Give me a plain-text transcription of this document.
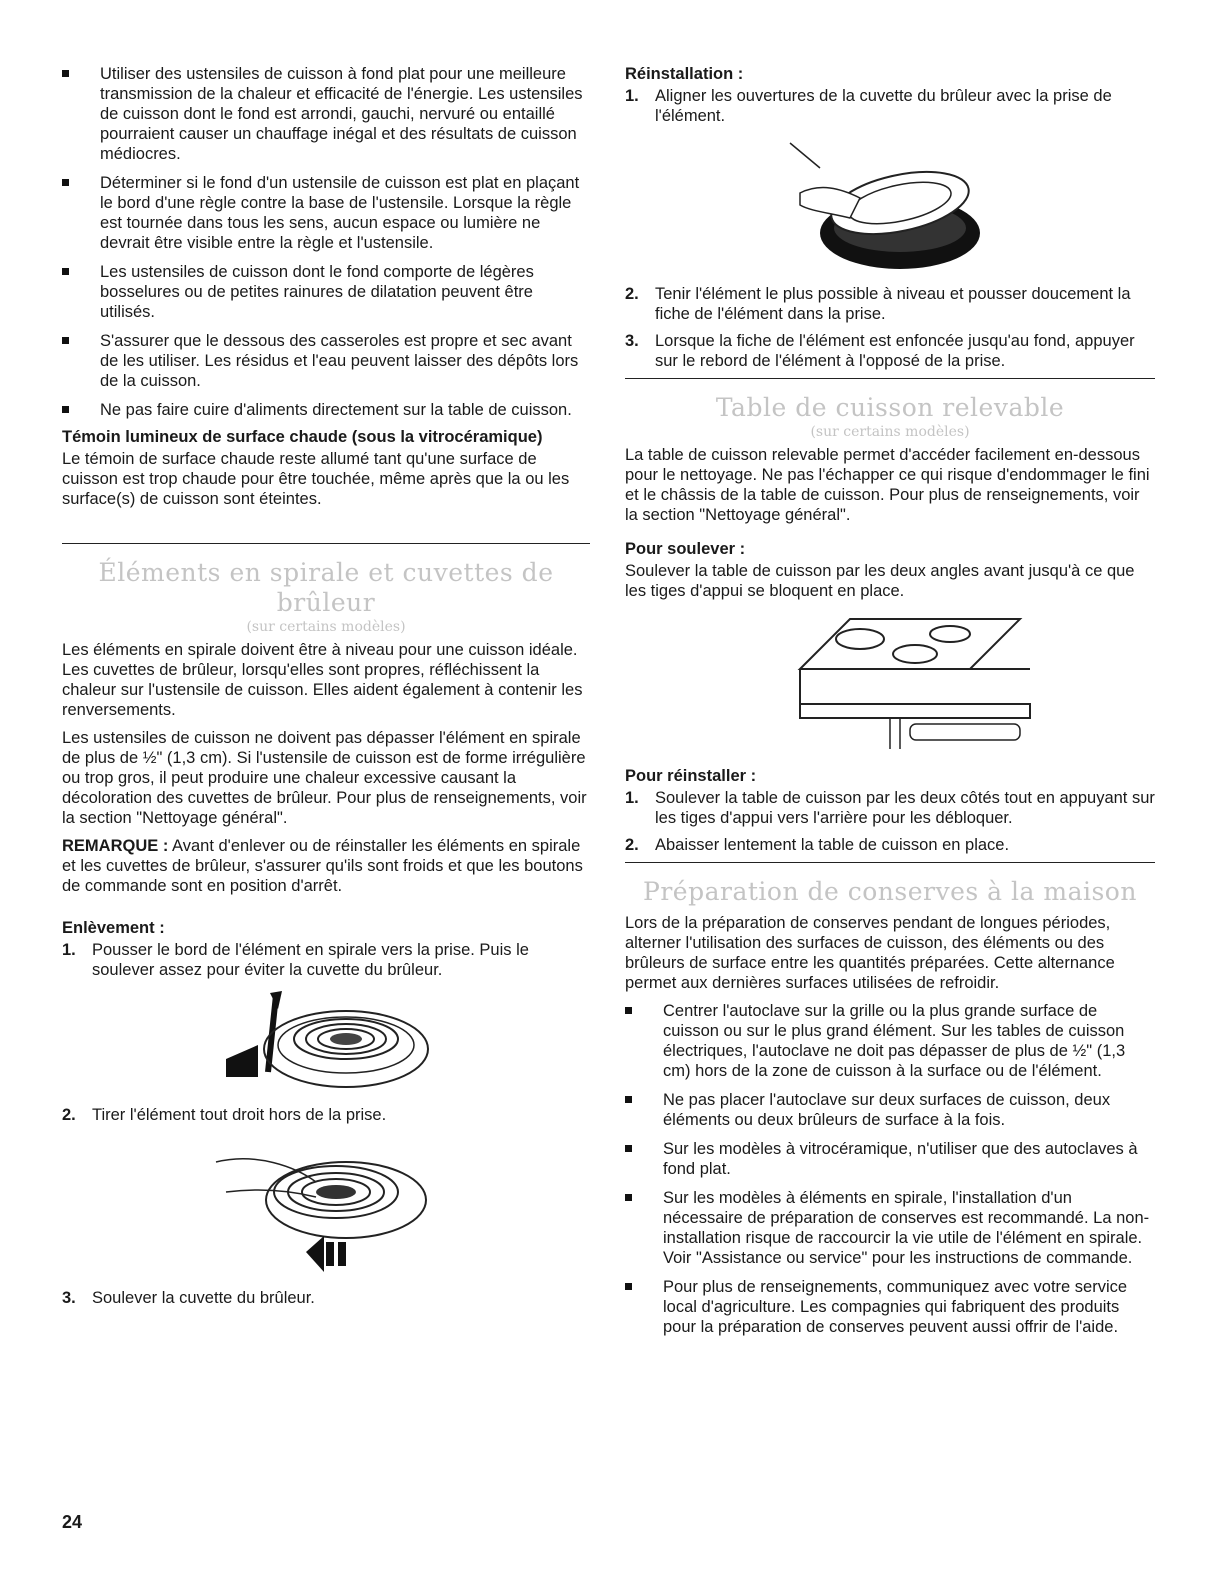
Utiliser des ustensiles de cuisson à fond plat pour une meilleure transmission de la chaleur et efficacité de l'énergie. Les ustensiles de cuisson dont le fond est arrondi, gauchi, nervuré ou entaillé pourraient causer un chauffage inégal et des résultats de cuisson médiocres.
Déterminer si le fond d'un ustensile de cuisson est plat en plaçant le bord d'une règle contre la base de l'ustensile. Lorsque la règle est tournée dans tous les sens, aucun espace ou lumière ne devrait être visible entre la règle et l'ustensile.
Les ustensiles de cuisson dont le fond comporte de légères bosselures ou de petites rainures de dilatation peuvent être utilisés.
S'assurer que le dessous des casseroles est propre et sec avant de les utiliser. Les résidus et l'eau peuvent laisser des dépôts lors de la cuisson.
Ne pas faire cuire d'aliments directement sur la table de cuisson.
Témoin lumineux de surface chaude (sous la vitrocéramique)

Le témoin de surface chaude reste allumé tant qu'une surface de cuisson est trop chaude pour être touchée, même après que la ou les surface(s) de cuisson sont éteintes.

Éléments en spirale et cuvettes de brûleur
(sur certains modèles)

Les éléments en spirale doivent être à niveau pour une cuisson idéale. Les cuvettes de brûleur, lorsqu'elles sont propres, réfléchissent la chaleur sur l'ustensile de cuisson. Elles aident également à contenir les renversements.

Les ustensiles de cuisson ne doivent pas dépasser l'élément en spirale de plus de ½" (1,3 cm). Si l'ustensile de cuisson est de forme irrégulière ou trop gros, il peut produire une chaleur excessive causant la décoloration des cuvettes de brûleur. Pour plus de renseignements, voir la section "Nettoyage général".

REMARQUE : Avant d'enlever ou de réinstaller les éléments en spirale et les cuvettes de brûleur, s'assurer qu'ils sont froids et que les boutons de commande sont en position d'arrêt.

Enlèvement :
1. Pousser le bord de l'élément en spirale vers la prise. Puis le soulever assez pour éviter la cuvette du brûleur.
2. Tirer l'élément tout droit hors de la prise.
3. Soulever la cuvette du brûleur.
Réinstallation :
1. Aligner les ouvertures de la cuvette du brûleur avec la prise de l'élément.
2. Tenir l'élément le plus possible à niveau et pousser doucement la fiche de l'élément dans la prise.
3. Lorsque la fiche de l'élément est enfoncée jusqu'au fond, appuyer sur le rebord de l'élément à l'opposé de la prise.
Table de cuisson relevable
(sur certains modèles)

La table de cuisson relevable permet d'accéder facilement en-dessous pour le nettoyage. Ne pas l'échapper ce qui risque d'endommager le fini et le châssis de la table de cuisson. Pour plus de renseignements, voir la section "Nettoyage général".

Pour soulever :

Soulever la table de cuisson par les deux angles avant jusqu'à ce que les tiges d'appui se bloquent en place.

Pour réinstaller :
1. Soulever la table de cuisson par les deux côtés tout en appuyant sur les tiges d'appui vers l'arrière pour les débloquer.
2. Abaisser lentement la table de cuisson en place.
Préparation de conserves à la maison

Lors de la préparation de conserves pendant de longues périodes, alterner l'utilisation des surfaces de cuisson, des éléments ou des brûleurs de surface entre les quantités préparées. Cette alternance permet aux dernières surfaces utilisées de refroidir.

Centrer l'autoclave sur la grille ou la plus grande surface de cuisson ou sur le plus grand élément. Sur les tables de cuisson électriques, l'autoclave ne doit pas dépasser de plus de ½" (1,3 cm) hors de la zone de cuisson à la surface ou de l'élément.
Ne pas placer l'autoclave sur deux surfaces de cuisson, deux éléments ou deux brûleurs de surface à la fois.
Sur les modèles à vitrocéramique, n'utiliser que des autoclaves à fond plat.
Sur les modèles à éléments en spirale, l'installation d'un nécessaire de préparation de conserves est recommandé. La non-installation risque de raccourcir la vie utile de l'élément en spirale. Voir "Assistance ou service" pour les instructions de commande.
Pour plus de renseignements, communiquez avec votre service local d'agriculture. Les compagnies qui fabriquent des produits pour la préparation de conserves peuvent aussi offrir de l'aide.
24
